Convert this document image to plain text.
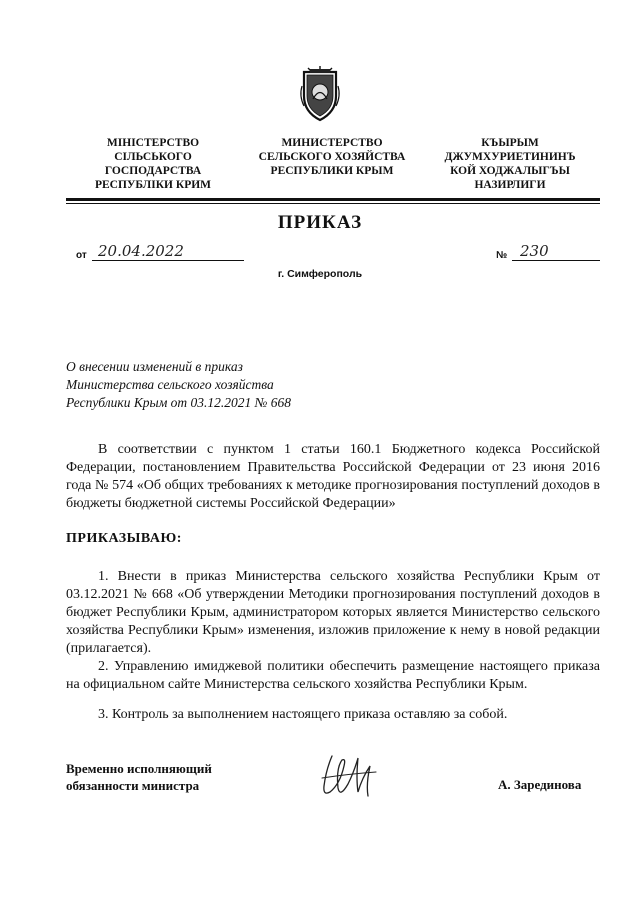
МІНІСТЕРСТВО
СІЛЬСЬКОГО
ГОСПОДАРСТВА
РЕСПУБЛІКИ КРИМ
МИНИСТЕРСТВО
СЕЛЬСКОГО ХОЗЯЙСТВА
РЕСПУБЛИКИ КРЫМ
КЪЫРЫМ
ДЖУМХУРИЕТИНИНЪ
КОЙ ХОДЖАЛЫГЪЫ
НАЗИРЛИГИ
ПРИКАЗ
от 20.04.2022	№ 230
г. Симферополь
О внесении изменений в приказ
Министерства сельского хозяйства
Республики Крым от 03.12.2021 № 668

В соответствии с пунктом 1 статьи 160.1 Бюджетного кодекса Российской Федерации, постановлением Правительства Российской Федерации от 23 июня 2016 года № 574 «Об общих требованиях к методике прогнозирования поступлений доходов в бюджеты бюджетной системы Российской Федерации»

ПРИКАЗЫВАЮ:

1. Внести в приказ Министерства сельского хозяйства Республики Крым от 03.12.2021 № 668 «Об утверждении Методики прогнозирования поступлений доходов в бюджет Республики Крым, администратором которых является Министерство сельского хозяйства Республики Крым» изменения, изложив приложение к нему в новой редакции (прилагается).

2. Управлению имиджевой политики обеспечить размещение настоящего приказа на официальном сайте Министерства сельского хозяйства Республики Крым.

3. Контроль за выполнением настоящего приказа оставляю за собой.

Временно исполняющий
обязанности министра	А. Зарединова
